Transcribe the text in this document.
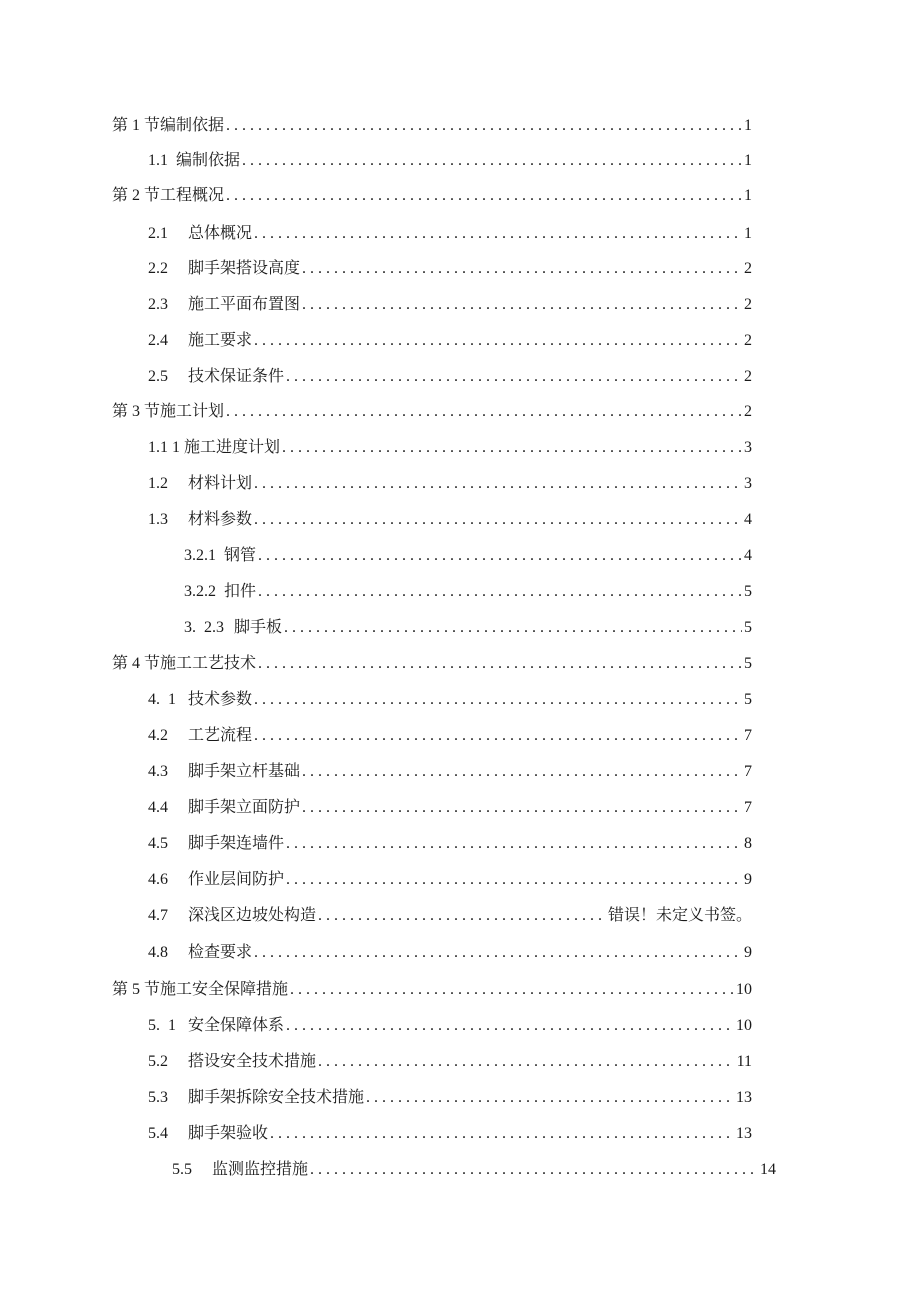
第 1 节 编制依据 . . .	1
1.1 编制依据 . . .	1
第 2 节 工程概况 . . .	1
2.1	总体概况 . . .	1
2.2	脚手架搭设高度 . . .	2
2.3	施工平面布置图 . . .	2
2.4	施工要求 . . .	2
2.5	技术保证条件 . . .	2
第 3 节 施工计划 . . .	2
1.1 1 施工进度计划 . . .	3
1.2	材料计划 . . .	3
1.3	材料参数 . . .	4
3.2.1 钢管 . . .	4
3.2.2 扣件 . . .	5
3.  2.3 脚手板 . . .	5
第 4 节 施工工艺技术 . . .	5
4.  1 技术参数 . . .	5
4.2	工艺流程 . . .	7
4.3	脚手架立杆基础 . . .	7
4.4	脚手架立面防护 . . .	7
4.5	脚手架连墙件 . . .	8
4.6	作业层间防护 . . .	9
4.7	深浅区边坡处构造 . . .	错误！未定义书签。
4.8	检查要求 . . .	9
第 5 节 施工安全保障措施 . . .	10
5.  1 安全保障体系 . . .	10
5.2	搭设安全技术措施 . . .	11
5.3	脚手架拆除安全技术措施 . . .	13
5.4	脚手架验收 . . .	13
5.5	监测监控措施 . . .	14
